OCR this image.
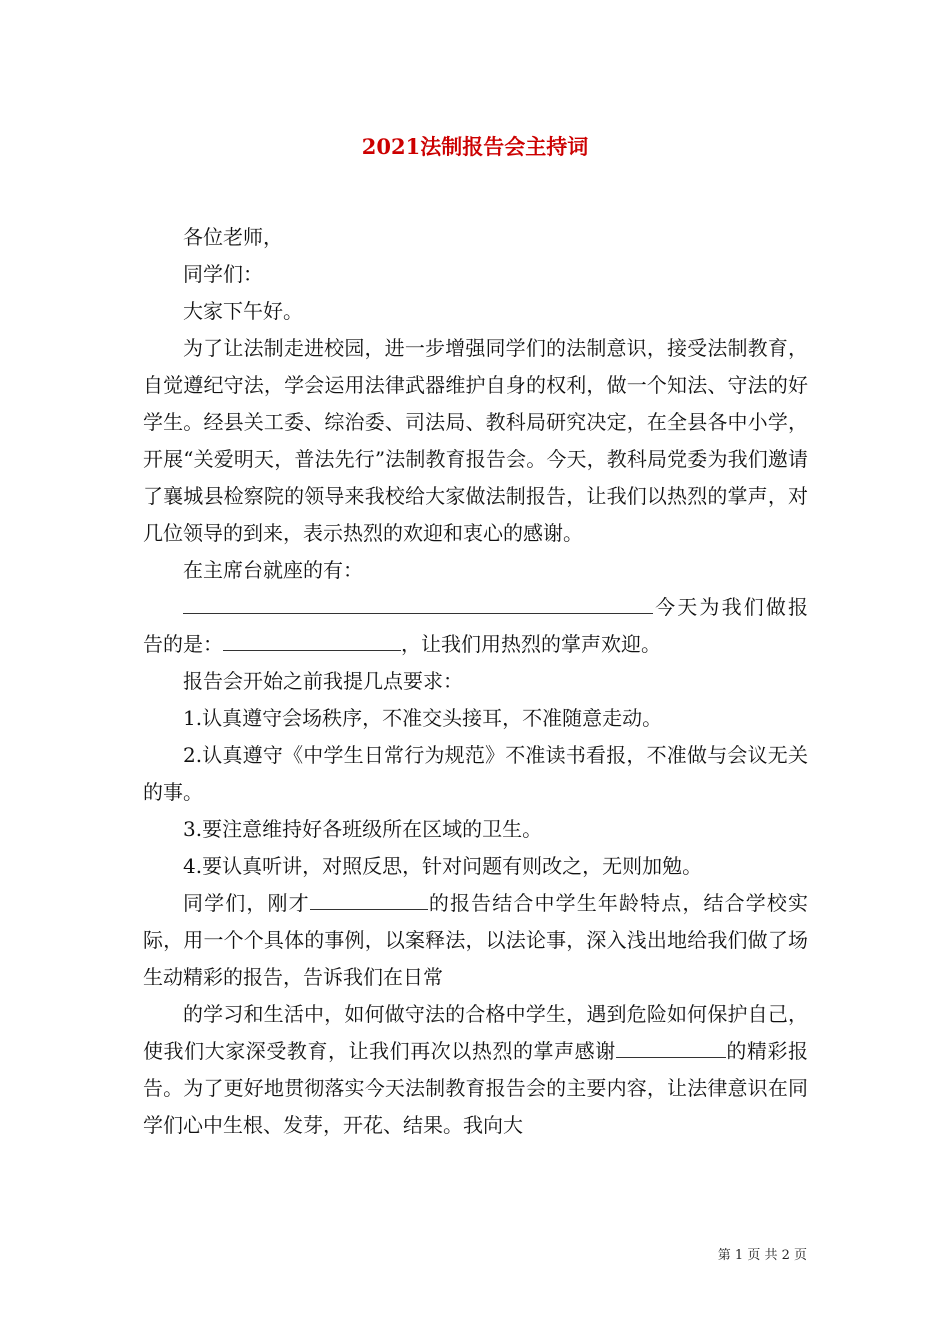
2021法制报告会主持词

各位老师，

同学们：

大家下午好。

为了让法制走进校园，进一步增强同学们的法制意识，接受法制教育，自觉遵纪守法，学会运用法律武器维护自身的权利，做一个知法、守法的好学生。经县关工委、综治委、司法局、教科局研究决定，在全县各中小学，开展“关爱明天，普法先行”法制教育报告会。今天，教科局党委为我们邀请了襄城县检察院的领导来我校给大家做法制报告，让我们以热烈的掌声，对几位领导的到来，表示热烈的欢迎和衷心的感谢。

在主席台就座的有：

今天为我们做报告的是：	，让我们用热烈的掌声欢迎。

报告会开始之前我提几点要求：

1.认真遵守会场秩序，不准交头接耳，不准随意走动。

2.认真遵守《中学生日常行为规范》不准读书看报，不准做与会议无关的事。

3.要注意维持好各班级所在区域的卫生。

4.要认真听讲，对照反思，针对问题有则改之，无则加勉。

同学们，刚才	的报告结合中学生年龄特点，结合学校实际，用一个个具体的事例，以案释法，以法论事，深入浅出地给我们做了场生动精彩的报告，告诉我们在日常

的学习和生活中，如何做守法的合格中学生，遇到危险如何保护自己，使我们大家深受教育，让我们再次以热烈的掌声感谢	的精彩报告。为了更好地贯彻落实今天法制教育报告会的主要内容，让法律意识在同学们心中生根、发芽，开花、结果。我向大

第 1 页 共 2 页
